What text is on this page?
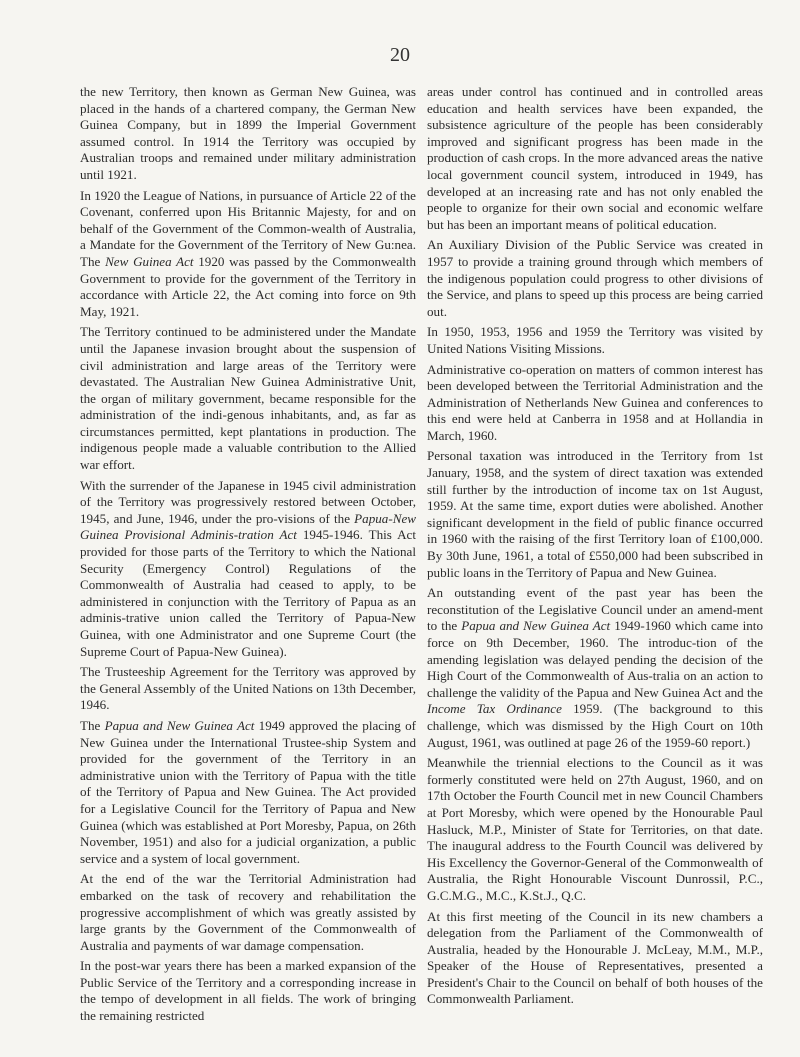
20

the new Territory, then known as German New Guinea, was placed in the hands of a chartered company, the German New Guinea Company, but in 1899 the Imperial Government assumed control. In 1914 the Territory was occupied by Australian troops and remained under military administration until 1921.

In 1920 the League of Nations, in pursuance of Article 22 of the Covenant, conferred upon His Britannic Majesty, for and on behalf of the Government of the Common-wealth of Australia, a Mandate for the Government of the Territory of New Gu:nea. The New Guinea Act 1920 was passed by the Commonwealth Government to provide for the government of the Territory in accordance with Article 22, the Act coming into force on 9th May, 1921.

The Territory continued to be administered under the Mandate until the Japanese invasion brought about the suspension of civil administration and large areas of the Territory were devastated. The Australian New Guinea Administrative Unit, the organ of military government, became responsible for the administration of the indi-genous inhabitants, and, as far as circumstances permitted, kept plantations in production. The indigenous people made a valuable contribution to the Allied war effort.

With the surrender of the Japanese in 1945 civil administration of the Territory was progressively restored between October, 1945, and June, 1946, under the pro-visions of the Papua-New Guinea Provisional Adminis-tration Act 1945-1946. This Act provided for those parts of the Territory to which the National Security (Emergency Control) Regulations of the Commonwealth of Australia had ceased to apply, to be administered in conjunction with the Territory of Papua as an adminis-trative union called the Territory of Papua-New Guinea, with one Administrator and one Supreme Court (the Supreme Court of Papua-New Guinea).

The Trusteeship Agreement for the Territory was approved by the General Assembly of the United Nations on 13th December, 1946.

The Papua and New Guinea Act 1949 approved the placing of New Guinea under the International Trustee-ship System and provided for the government of the Territory in an administrative union with the Territory of Papua with the title of the Territory of Papua and New Guinea. The Act provided for a Legislative Council for the Territory of Papua and New Guinea (which was established at Port Moresby, Papua, on 26th November, 1951) and also for a judicial organization, a public service and a system of local government.

At the end of the war the Territorial Administration had embarked on the task of recovery and rehabilitation the progressive accomplishment of which was greatly assisted by large grants by the Government of the Commonwealth of Australia and payments of war damage compensation.

In the post-war years there has been a marked expansion of the Public Service of the Territory and a corresponding increase in the tempo of development in all fields. The work of bringing the remaining restricted

areas under control has continued and in controlled areas education and health services have been expanded, the subsistence agriculture of the people has been considerably improved and significant progress has been made in the production of cash crops. In the more advanced areas the native local government council system, introduced in 1949, has developed at an increasing rate and has not only enabled the people to organize for their own social and economic welfare but has been an important means of political education.

An Auxiliary Division of the Public Service was created in 1957 to provide a training ground through which members of the indigenous population could progress to other divisions of the Service, and plans to speed up this process are being carried out.

In 1950, 1953, 1956 and 1959 the Territory was visited by United Nations Visiting Missions.

Administrative co-operation on matters of common interest has been developed between the Territorial Administration and the Administration of Netherlands New Guinea and conferences to this end were held at Canberra in 1958 and at Hollandia in March, 1960.

Personal taxation was introduced in the Territory from 1st January, 1958, and the system of direct taxation was extended still further by the introduction of income tax on 1st August, 1959. At the same time, export duties were abolished. Another significant development in the field of public finance occurred in 1960 with the raising of the first Territory loan of £100,000. By 30th June, 1961, a total of £550,000 had been subscribed in public loans in the Territory of Papua and New Guinea.

An outstanding event of the past year has been the reconstitution of the Legislative Council under an amend-ment to the Papua and New Guinea Act 1949-1960 which came into force on 9th December, 1960. The introduc-tion of the amending legislation was delayed pending the decision of the High Court of the Commonwealth of Aus-tralia on an action to challenge the validity of the Papua and New Guinea Act and the Income Tax Ordinance 1959. (The background to this challenge, which was dismissed by the High Court on 10th August, 1961, was outlined at page 26 of the 1959-60 report.)

Meanwhile the triennial elections to the Council as it was formerly constituted were held on 27th August, 1960, and on 17th October the Fourth Council met in new Council Chambers at Port Moresby, which were opened by the Honourable Paul Hasluck, M.P., Minister of State for Territories, on that date. The inaugural address to the Fourth Council was delivered by His Excellency the Governor-General of the Commonwealth of Australia, the Right Honourable Viscount Dunrossil, P.C., G.C.M.G., M.C., K.St.J., Q.C.

At this first meeting of the Council in its new chambers a delegation from the Parliament of the Commonwealth of Australia, headed by the Honourable J. McLeay, M.M., M.P., Speaker of the House of Representatives, presented a President's Chair to the Council on behalf of both houses of the Commonwealth Parliament.
